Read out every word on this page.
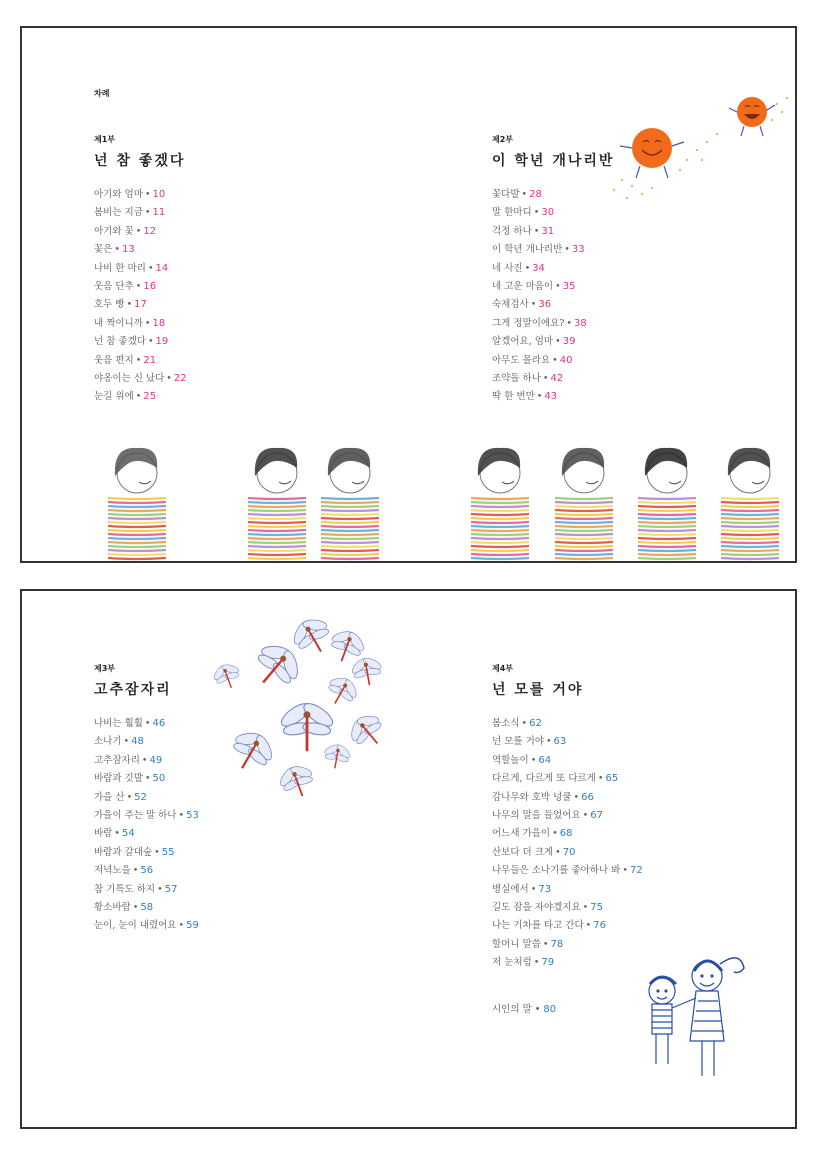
차례

제1부

넌 참 좋겠다

아기와 엄마 • 10
봄비는 지금 • 11
아기와 꽃 • 12
꽃은 • 13
나비 한 마리 • 14
웃음 단추 • 16
호두 빵 • 17
내 짝이니까 • 18
넌 참 좋겠다 • 19
웃음 편지 • 21
야옹이는 신 났다 • 22
눈길 위에 • 25

제2부

이 학년 개나리반

꽃다발 • 28
말 한마디 • 30
걱정 하나 • 31
이 학년 개나리반 • 33
네 사진 • 34
네 고운 마음이 • 35
숙제검사 • 36
그게 정말이에요? • 38
알겠어요, 엄마 • 39
아무도 몰라요 • 40
조약돌 하나 • 42
딱 한 번만 • 43

제3부

고추잠자리

나비는 훨훨 • 46
소나기 • 48
고추잠자리 • 49
바람과 깃발 • 50
가을 산 • 52
가을이 주는 말 하나 • 53
바람 • 54
바람과 갈대숲 • 55
저녁노을 • 56
참 기특도 하지 • 57
황소바람 • 58
눈이, 눈이 내렸어요 • 59

제4부

넌 모를 거야

봄소식 • 62
넌 모를 거야 • 63
역할놀이 • 64
다르게, 다르게 또 다르게 • 65
감나무와 호박 넝쿨 • 66
나무의 말을 들었어요 • 67
어느새 가을이 • 68
산보다 더 크게 • 70
나무들은 소나기를 좋아하나 봐 • 72
병실에서 • 73
길도 잠을 자야겠지요 • 75
나는 기차를 타고 간다 • 76
할머니 말씀 • 78
저 눈처럼 • 79
시인의 말 • 80
